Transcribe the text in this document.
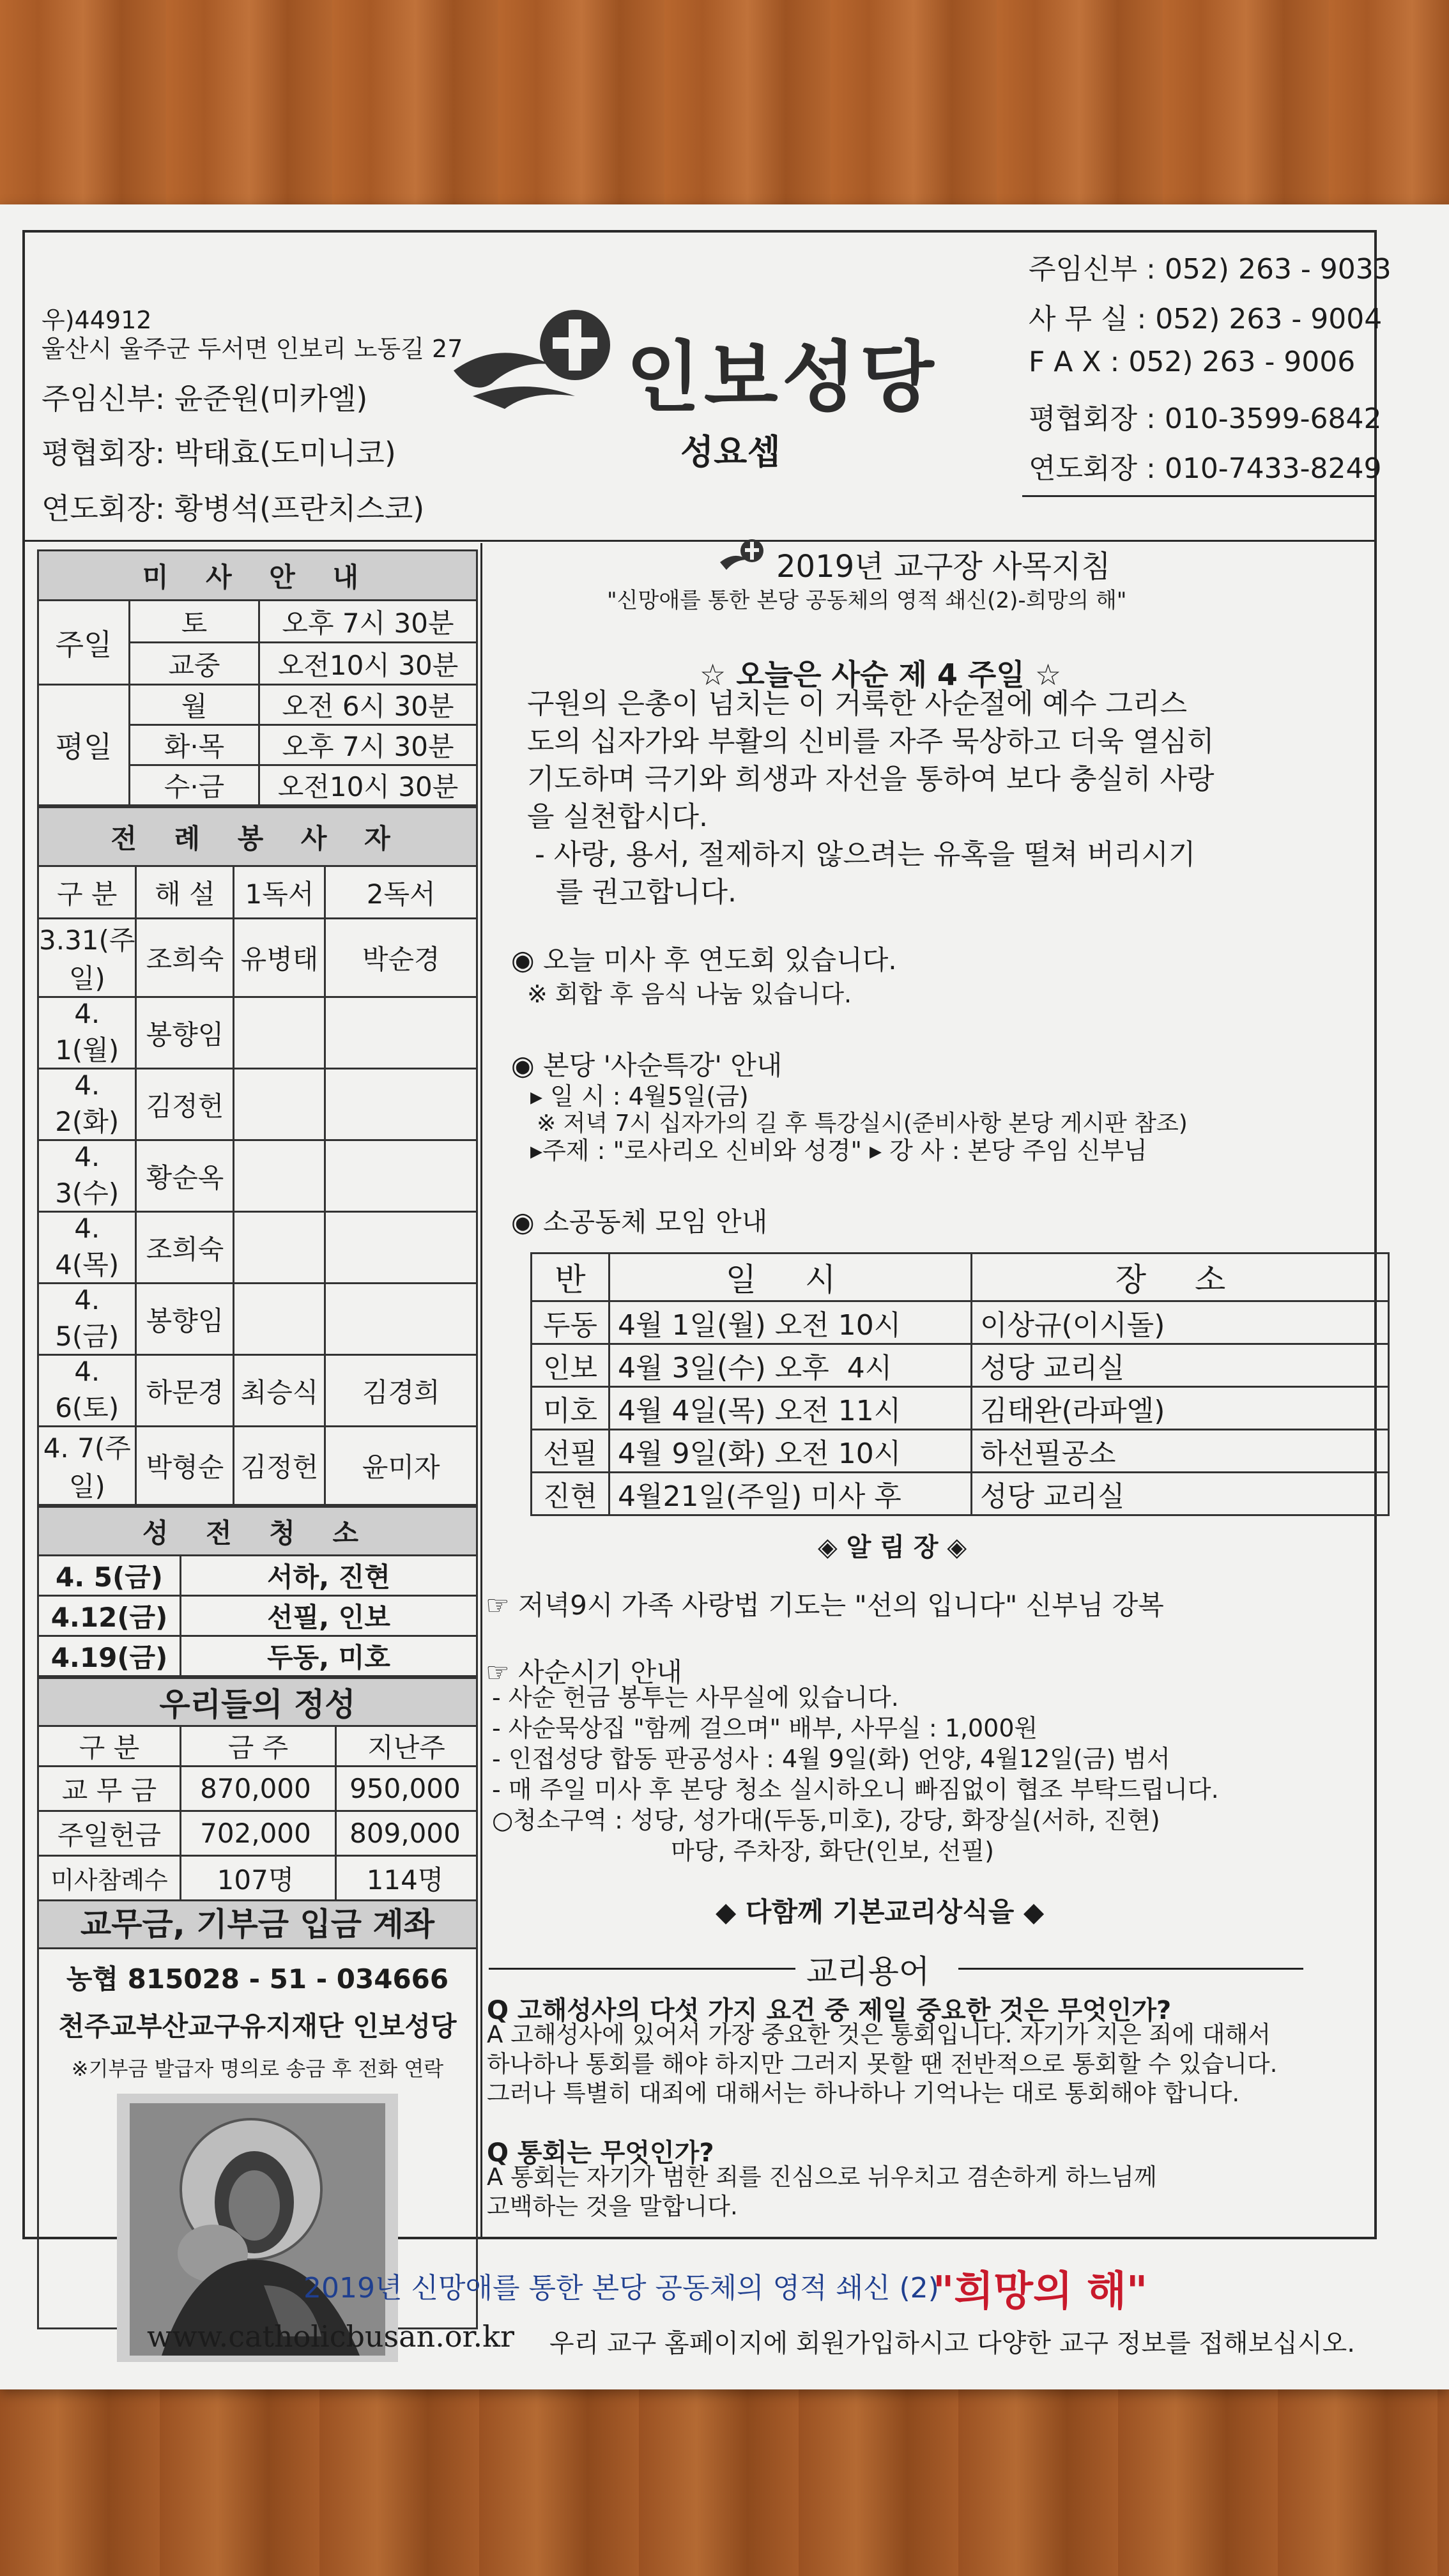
우)44912
울산시 울주군 두서면 인보리 노동길 27
주임신부: 윤준원(미카엘)
평협회장: 박태효(도미니코)
연도회장: 황병석(프란치스코)
인보성당
성요셉
주임신부 : 052) 263 - 9033
사 무 실 : 052) 263 - 9004
F A X : 052) 263 - 9006
평협회장 : 010-3599-6842
연도회장 : 010-7433-8249
미 사 안 내		
주일	토	오후 7시 30분
	교중	오전10시 30분
평일	월	오전 6시 30분
	화·목	오후 7시 30분
	수·금	오전10시 30분
전 례 봉 사 자			
구 분	해 설	1독서	2독서
3.31(주일)	조희숙	유병태	박순경
4. 1(월)	봉향임		
4. 2(화)	김정헌		
4. 3(수)	황순옥		
4. 4(목)	조희숙		
4. 5(금)	봉향임		
4. 6(토)	하문경	최승식	김경희
4. 7(주일)	박형순	김정헌	윤미자
성 전 청 소	
4. 5(금)	서하, 진현
4.12(금)	선필, 인보
4.19(금)	두동, 미호
우리들의 정성		
구 분	금 주	지난주
교 무 금	870,000	950,000
주일헌금	702,000	809,000
미사참례수	107명	114명
교무금, 기부금 입금 계좌
농협 815028 - 51 - 034666
천주교부산교구유지재단 인보성당
※기부금 발급자 명의로 송금 후 전화 연락
2019년 교구장 사목지침
"신망애를 통한 본당 공동체의 영적 쇄신(2)-희망의 해"
☆ 오늘은 사순 제 4 주일 ☆
구원의 은총이 넘치는 이 거룩한 사순절에 예수 그리스
도의 십자가와 부활의 신비를 자주 묵상하고 더욱 열심히
기도하며 극기와 희생과 자선을 통하여 보다 충실히 사랑
을 실천합시다.
- 사랑, 용서, 절제하지 않으려는 유혹을 떨쳐 버리시기
를 권고합니다.
◉ 오늘 미사 후 연도회 있습니다.
※ 회합 후 음식 나눔 있습니다.
◉ 본당 '사순특강' 안내
▸ 일 시 : 4월5일(금)
※ 저녁 7시 십자가의 길 후 특강실시(준비사항 본당 게시판 참조)
▸주제 : "로사리오 신비와 성경" ▸ 강 사 : 본당 주임 신부님
◉ 소공동체 모임 안내
반	일 시	장 소
두동	4월 1일(월) 오전 10시	이상규(이시돌)
인보	4월 3일(수) 오후  4시	성당 교리실
미호	4월 4일(목) 오전 11시	김태완(라파엘)
선필	4월 9일(화) 오전 10시	하선필공소
진현	4월21일(주일) 미사 후	성당 교리실
◈ 알 림 장 ◈
☞ 저녁9시 가족 사랑법 기도는 "선의 입니다" 신부님 강복
☞ 사순시기 안내
- 사순 헌금 봉투는 사무실에 있습니다.
- 사순묵상집 "함께 걸으며" 배부, 사무실 : 1,000원
- 인접성당 합동 판공성사 : 4월 9일(화) 언양, 4월12일(금) 범서
- 매 주일 미사 후 본당 청소 실시하오니 빠짐없이 협조 부탁드립니다.
○청소구역 : 성당, 성가대(두동,미호), 강당, 화장실(서하, 진현)
마당, 주차장, 화단(인보, 선필)
◆ 다함께 기본교리상식을 ◆
교리용어
Q 고해성사의 다섯 가지 요건 중 제일 중요한 것은 무엇인가?
A 고해성사에 있어서 가장 중요한 것은 통회입니다. 자기가 지은 죄에 대해서
하나하나 통회를 해야 하지만 그러지 못할 땐 전반적으로 통회할 수 있습니다.
그러나 특별히 대죄에 대해서는 하나하나 기억나는 대로 통회해야 합니다.
Q 통회는 무엇인가?
A 통회는 자기가 범한 죄를 진심으로 뉘우치고 겸손하게 하느님께
고백하는 것을 말합니다.
2019년 신망애를 통한 본당 공동체의 영적 쇄신 (2)
"희망의 해"
www.catholicbusan.or.kr 우리 교구 홈페이지에 회원가입하시고 다양한 교구 정보를 접해보십시오.
